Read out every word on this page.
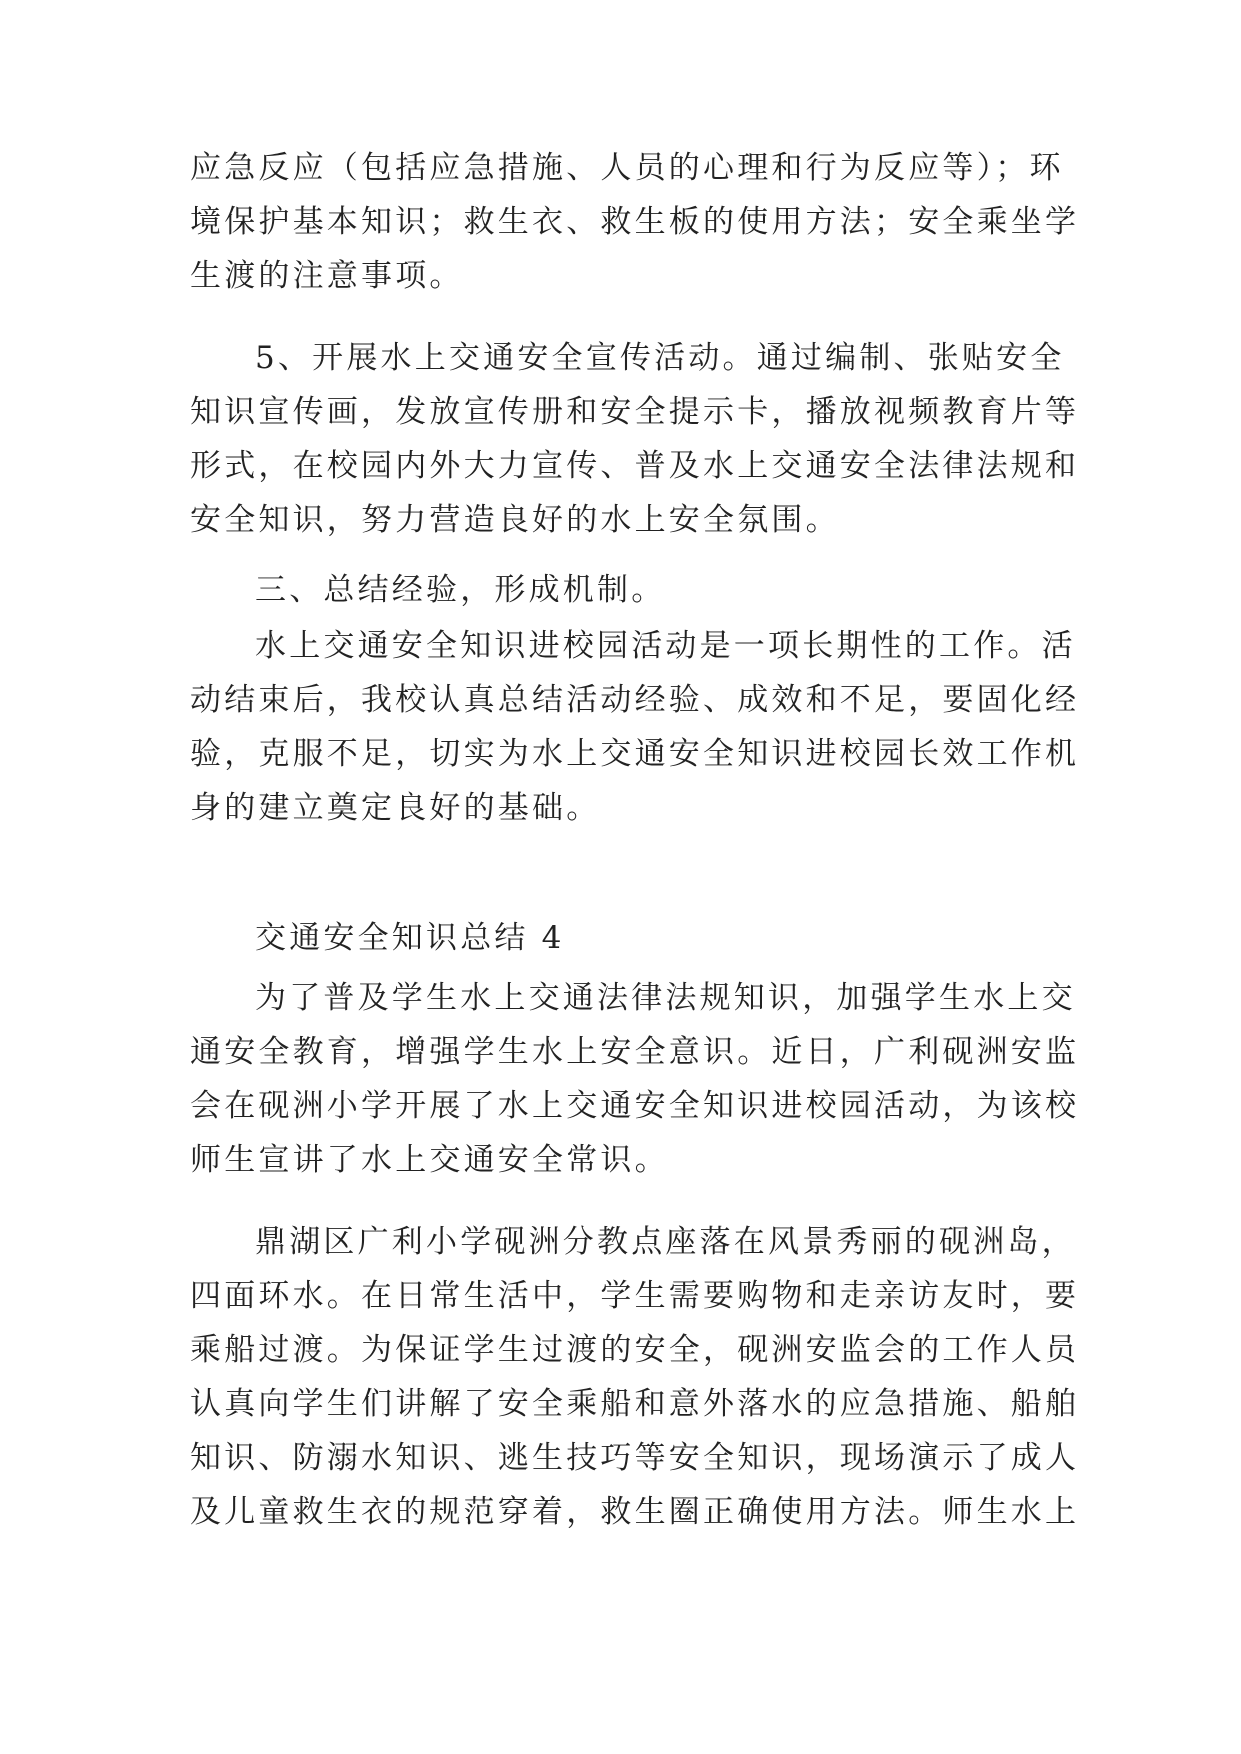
应急反应（包括应急措施、人员的心理和行为反应等）；环
境保护基本知识；救生衣、救生板的使用方法；安全乘坐学
生渡的注意事项。
5、开展水上交通安全宣传活动。通过编制、张贴安全
知识宣传画，发放宣传册和安全提示卡，播放视频教育片等
形式，在校园内外大力宣传、普及水上交通安全法律法规和
安全知识，努力营造良好的水上安全氛围。
三、总结经验，形成机制。
水上交通安全知识进校园活动是一项长期性的工作。活
动结束后，我校认真总结活动经验、成效和不足，要固化经
验，克服不足，切实为水上交通安全知识进校园长效工作机
身的建立奠定良好的基础。
交通安全知识总结 4
为了普及学生水上交通法律法规知识，加强学生水上交
通安全教育，增强学生水上安全意识。近日，广利砚洲安监
会在砚洲小学开展了水上交通安全知识进校园活动，为该校
师生宣讲了水上交通安全常识。
鼎湖区广利小学砚洲分教点座落在风景秀丽的砚洲岛，
四面环水。在日常生活中，学生需要购物和走亲访友时，要
乘船过渡。为保证学生过渡的安全，砚洲安监会的工作人员
认真向学生们讲解了安全乘船和意外落水的应急措施、船舶
知识、防溺水知识、逃生技巧等安全知识，现场演示了成人
及儿童救生衣的规范穿着，救生圈正确使用方法。师生水上
